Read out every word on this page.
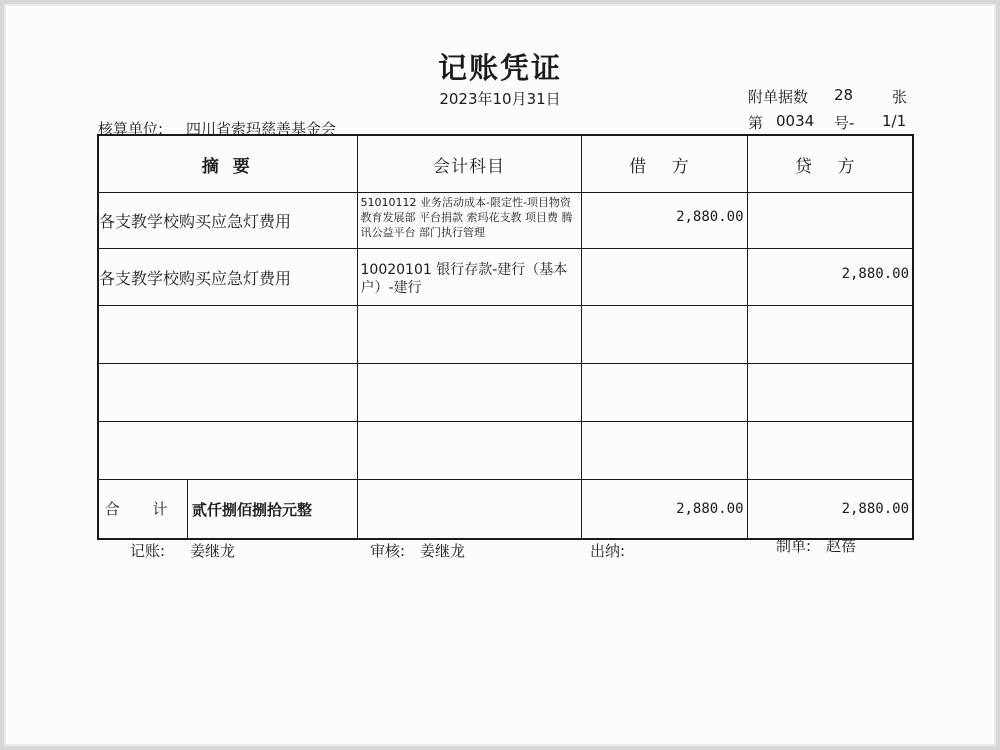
记账凭证
2023年10月31日	附单据数 28	张
核算单位: 四川省索玛慈善基金会	第 0034 号- 1/1
摘 要	会计科目	借 方	贷 方
各支教学校购买应急灯费用	51010112 业务活动成本-限定性-项目物资 教育发展部 平台捐款 索玛花支教 项目费 腾讯公益平台 部门执行管理	2,880.00	
各支教学校购买应急灯费用	10020101 银行存款-建行（基本户）-建行		2,880.00

合 计 贰仟捌佰捌拾元整		2,880.00	2,880.00
记账: 姜继龙	审核: 姜继龙	出纳:	制单: 赵蓓
